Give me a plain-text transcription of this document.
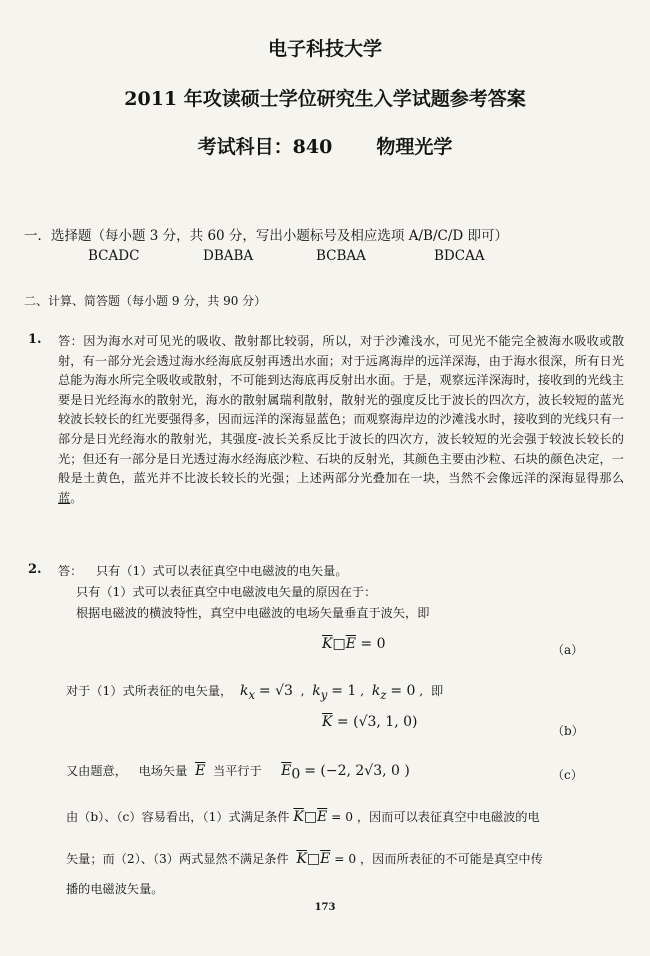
电子科技大学
2011 年攻读硕士学位研究生入学试题参考答案
考试科目：840 物理光学
一．选择题（每小题 3 分，共 60 分，写出小题标号及相应选项 A/B/C/D 即可）
BCADC	DBABA	BCBAA	BDCAA
二、计算、简答题（每小题 9 分，共 90 分）
1. 答：因为海水对可见光的吸收、散射都比较弱，所以，对于沙滩浅水，可见光不能完全被海水吸收或散射，有一部分光会透过海水经海底反射再透出水面；对于远离海岸的远洋深海，由于海水很深，所有日光总能为海水所完全吸收或散射，不可能到达海底再反射出水面。于是，观察远洋深海时，接收到的光线主要是日光经海水的散射光，海水的散射属瑞利散射，散射光的强度反比于波长的四次方，波长较短的蓝光较波长较长的红光要强得多，因而远洋的深海显蓝色；而观察海岸边的沙滩浅水时，接收到的光线只有一部分是日光经海水的散射光，其强度-波长关系反比于波长的四次方，波长较短的光会强于较波长较长的光；但还有一部分是日光透过海水经海底沙粒、石块的反射光，其颜色主要由沙粒、石块的颜色决定，一般是土黄色，蓝光并不比波长较长的光强；上述两部分光叠加在一块，当然不会像远洋的深海显得那么蓝。
2. 答： 只有（1）式可以表征真空中电磁波的电矢量。
只有（1）式可以表征真空中电磁波电矢量的原因在于：
根据电磁波的横波特性，真空中电磁波的电场矢量垂直于波矢，即
$\overline{K}□\overline{E} = 0$	（a）
对于（1）式所表征的电矢量， $k_x = √3$  ,  $k_y = 1$ ,  $k_z = 0$ ,  即
$\overline{K} = (√3$, 1, 0)
（b）
又由题意， 电场矢量 $\overline{E}$ 当平行于 $\overline{E}_0 = (-2$, 2√3, 0 )	（c）
由（b）、（c）容易看出，（1）式满足条件 $\overline{K}□\overline{E} = 0$ ，因而可以表征真空中电磁波的电
矢量；而（2）、（3）两式显然不满足条件 $\overline{K}□\overline{E} = 0$ ，因而所表征的不可能是真空中传
播的电磁波矢量。
173
